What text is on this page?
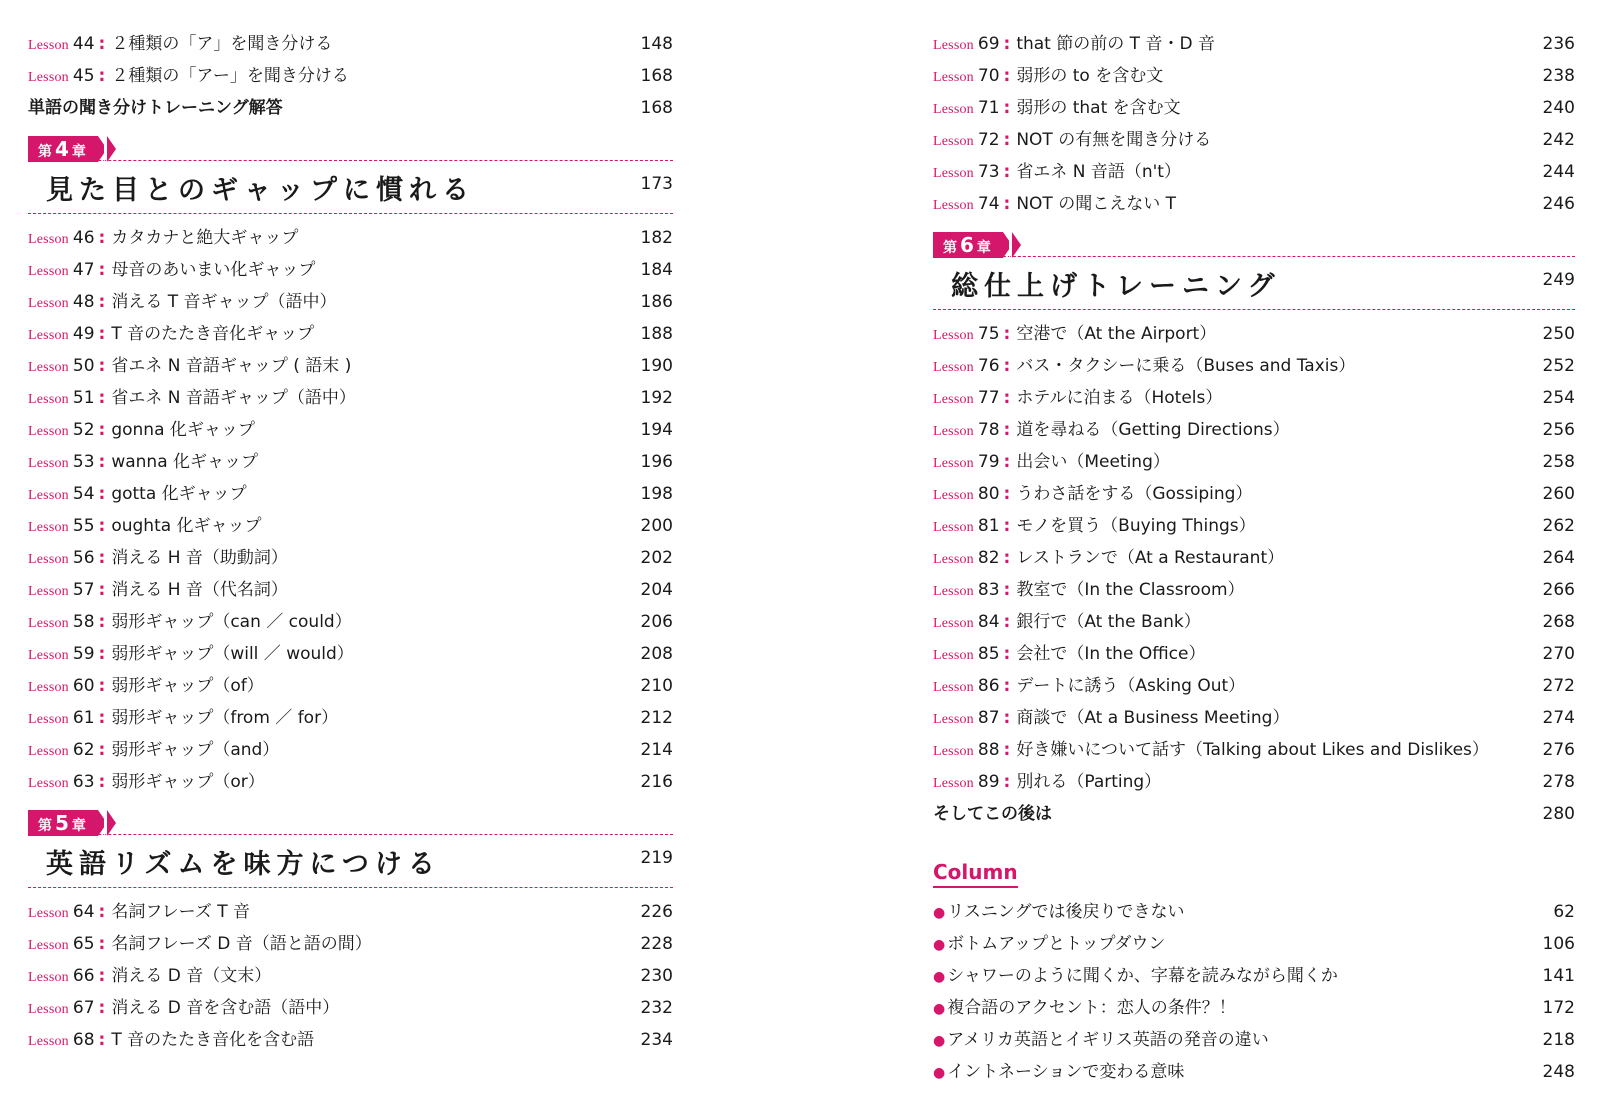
Lesson 44 : ２種類の「ア」を聞き分ける	148
Lesson 45 : ２種類の「アー」を聞き分ける	168
単語の聞き分けトレーニング解答	168
第 4 章
見た目とのギャップに慣れる	173
Lesson 46 : カタカナと絶大ギャップ	182
Lesson 47 : 母音のあいまい化ギャップ	184
Lesson 48 : 消える T 音ギャップ（語中）	186
Lesson 49 : T 音のたたき音化ギャップ	188
Lesson 50 : 省エネ N 音語ギャップ ( 語末 )	190
Lesson 51 : 省エネ N 音語ギャップ（語中）	192
Lesson 52 : gonna 化ギャップ	194
Lesson 53 : wanna 化ギャップ	196
Lesson 54 : gotta 化ギャップ	198
Lesson 55 : oughta 化ギャップ	200
Lesson 56 : 消える H 音（助動詞）	202
Lesson 57 : 消える H 音（代名詞）	204
Lesson 58 : 弱形ギャップ（can ／ could）	206
Lesson 59 : 弱形ギャップ（will ／ would）	208
Lesson 60 : 弱形ギャップ（of）	210
Lesson 61 : 弱形ギャップ（from ／ for）	212
Lesson 62 : 弱形ギャップ（and）	214
Lesson 63 : 弱形ギャップ（or）	216
第 5 章
英語リズムを味方につける	219
Lesson 64 : 名詞フレーズ T 音	226
Lesson 65 : 名詞フレーズ D 音（語と語の間）	228
Lesson 66 : 消える D 音（文末）	230
Lesson 67 : 消える D 音を含む語（語中）	232
Lesson 68 : T 音のたたき音化を含む語	234
Lesson 69 : that 節の前の T 音・D 音	236
Lesson 70 : 弱形の to を含む文	238
Lesson 71 : 弱形の that を含む文	240
Lesson 72 : NOT の有無を聞き分ける	242
Lesson 73 : 省エネ N 音語（n't）	244
Lesson 74 : NOT の聞こえない T	246
第 6 章
総仕上げトレーニング	249
Lesson 75 : 空港で（At the Airport）	250
Lesson 76 : バス・タクシーに乗る（Buses and Taxis）	252
Lesson 77 : ホテルに泊まる（Hotels）	254
Lesson 78 : 道を尋ねる（Getting Directions）	256
Lesson 79 : 出会い（Meeting）	258
Lesson 80 : うわさ話をする（Gossiping）	260
Lesson 81 : モノを買う（Buying Things）	262
Lesson 82 : レストランで（At a Restaurant）	264
Lesson 83 : 教室で（In the Classroom）	266
Lesson 84 : 銀行で（At the Bank）	268
Lesson 85 : 会社で（In the Office）	270
Lesson 86 : デートに誘う（Asking Out）	272
Lesson 87 : 商談で（At a Business Meeting）	274
Lesson 88 : 好き嫌いについて話す（Talking about Likes and Dislikes）	276
Lesson 89 : 別れる（Parting）	278
そしてこの後は	280
Column
● リスニングでは後戻りできない	62
● ボトムアップとトップダウン	106
● シャワーのように聞くか、字幕を読みながら聞くか	141
● 複合語のアクセント：恋人の条件？！	172
● アメリカ英語とイギリス英語の発音の違い	218
● イントネーションで変わる意味	248
